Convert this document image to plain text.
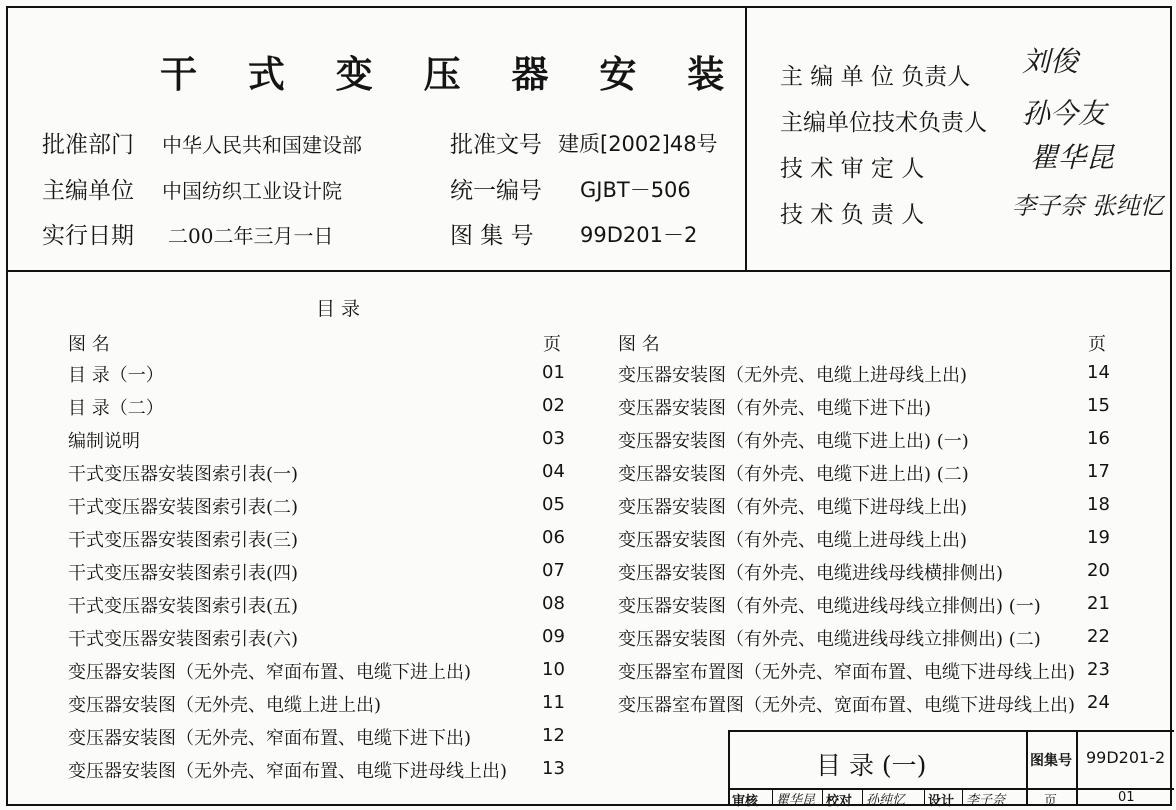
干 式 变 压 器 安 装
批准部门 中华人民共和国建设部
主编单位 中国纺织工业设计院
实行日期 二00二年三月一日
批准文号 建质[2002]48号
统一编号 GJBT－506
图 集 号 99D201－2
主 编 单 位 负责人 刘俊
主编单位技术负责人 孙今友
技 术 审 定 人	瞿华昆
技 术 负 责 人	李子奈 张纯忆
目 录
图 名	页	图 名	页
目 录（一）	01
目 录（二）	02
编制说明	03
干式变压器安装图索引表(一)	04
干式变压器安装图索引表(二)	05
干式变压器安装图索引表(三)	06
干式变压器安装图索引表(四)	07
干式变压器安装图索引表(五)	08
干式变压器安装图索引表(六)	09
变压器安装图（无外壳、窄面布置、电缆下进上出)	10
变压器安装图（无外壳、电缆上进上出)	11
变压器安装图（无外壳、窄面布置、电缆下进下出)	12
变压器安装图（无外壳、窄面布置、电缆下进母线上出) 13
变压器安装图（无外壳、电缆上进母线上出)	14
变压器安装图（有外壳、电缆下进下出)	15
变压器安装图（有外壳、电缆下进上出) (一)	16
变压器安装图（有外壳、电缆下进上出) (二)	17
变压器安装图（有外壳、电缆下进母线上出)	18
变压器安装图（有外壳、电缆上进母线上出)	19
变压器安装图（有外壳、电缆进线母线横排侧出)	20
变压器安装图（有外壳、电缆进线母线立排侧出) (一)	21
变压器安装图（有外壳、电缆进线母线立排侧出) (二)	22
变压器室布置图（无外壳、窄面布置、电缆下进母线上出) 23
变压器室布置图（无外壳、宽面布置、电缆下进母线上出) 24
目 录 (一)	图集号 99D201-2
审核 瞿华昆 校对 孙纯忆 设计 李子奈	页	01
